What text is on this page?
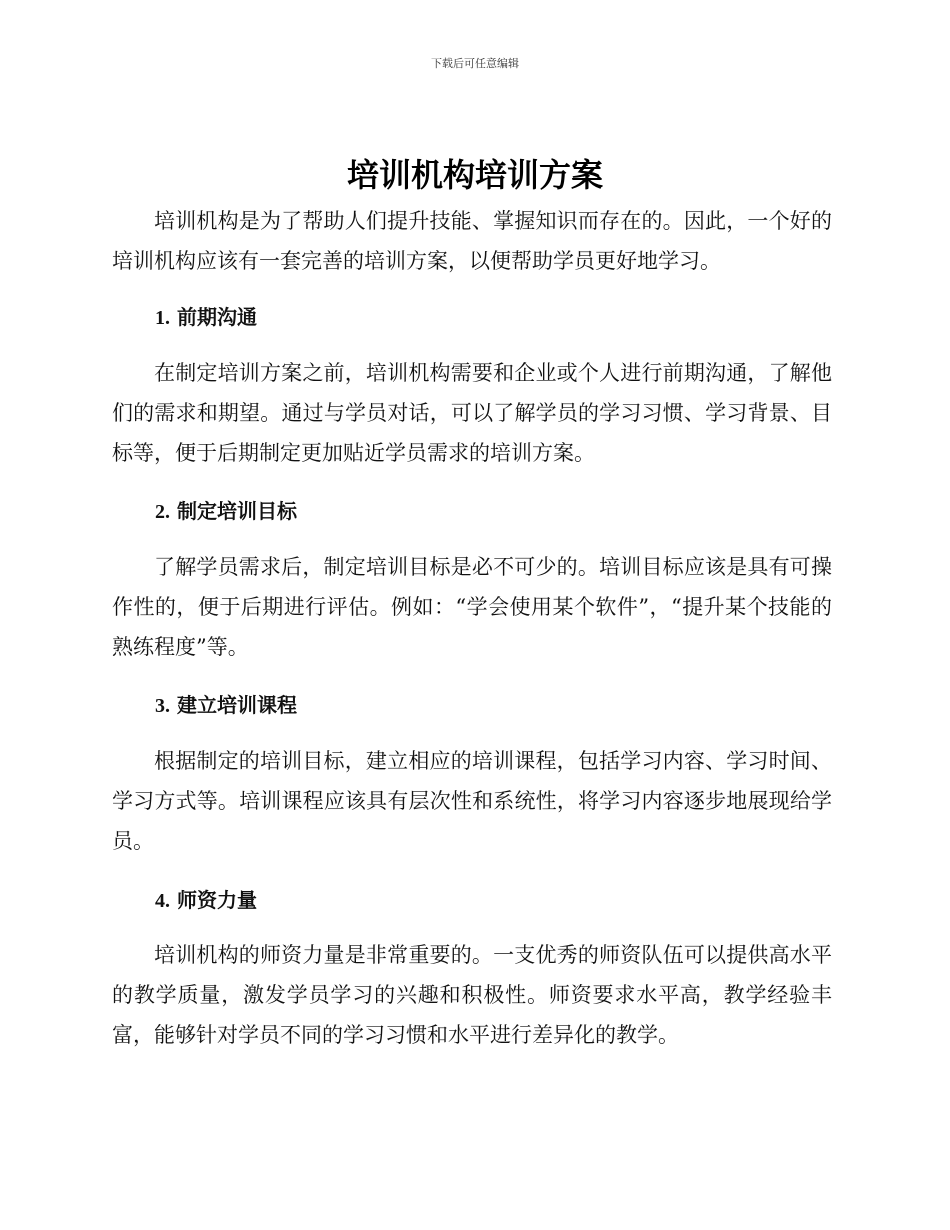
下载后可任意编辑
培训机构培训方案

培训机构是为了帮助人们提升技能、掌握知识而存在的。因此，一个好的培训机构应该有一套完善的培训方案，以便帮助学员更好地学习。

1. 前期沟通

在制定培训方案之前，培训机构需要和企业或个人进行前期沟通，了解他们的需求和期望。通过与学员对话，可以了解学员的学习习惯、学习背景、目标等，便于后期制定更加贴近学员需求的培训方案。

2. 制定培训目标

了解学员需求后，制定培训目标是必不可少的。培训目标应该是具有可操作性的，便于后期进行评估。例如：“学会使用某个软件”，“提升某个技能的熟练程度”等。

3. 建立培训课程

根据制定的培训目标，建立相应的培训课程，包括学习内容、学习时间、学习方式等。培训课程应该具有层次性和系统性，将学习内容逐步地展现给学员。

4. 师资力量

培训机构的师资力量是非常重要的。一支优秀的师资队伍可以提供高水平的教学质量，激发学员学习的兴趣和积极性。师资要求水平高，教学经验丰富，能够针对学员不同的学习习惯和水平进行差异化的教学。
